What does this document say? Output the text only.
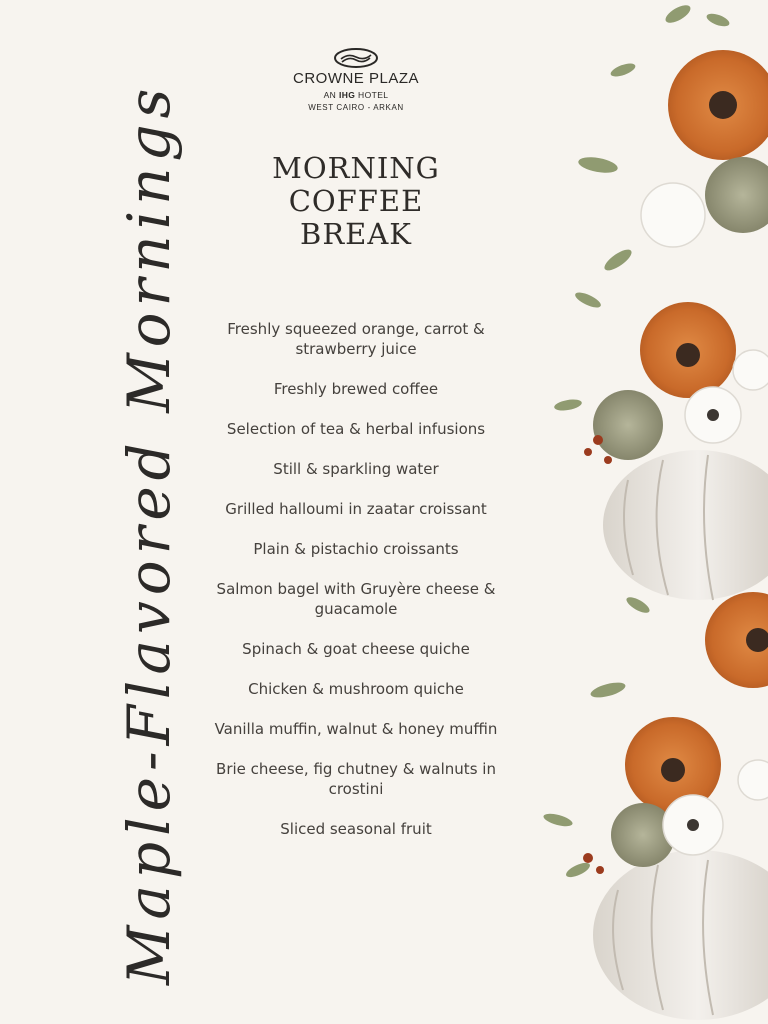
Maple-Flavored Mornings
CROWNE PLAZA
AN IHG HOTEL
WEST CAIRO - ARKAN
MORNING
COFFEE
BREAK
Freshly squeezed orange, carrot & strawberry juice
Freshly brewed coffee
Selection of tea & herbal infusions
Still & sparkling water
Grilled halloumi in zaatar croissant
Plain & pistachio croissants
Salmon bagel with Gruyère cheese & guacamole
Spinach & goat cheese quiche
Chicken & mushroom quiche
Vanilla muffin, walnut & honey muffin
Brie cheese, fig chutney & walnuts in crostini
Sliced seasonal fruit
